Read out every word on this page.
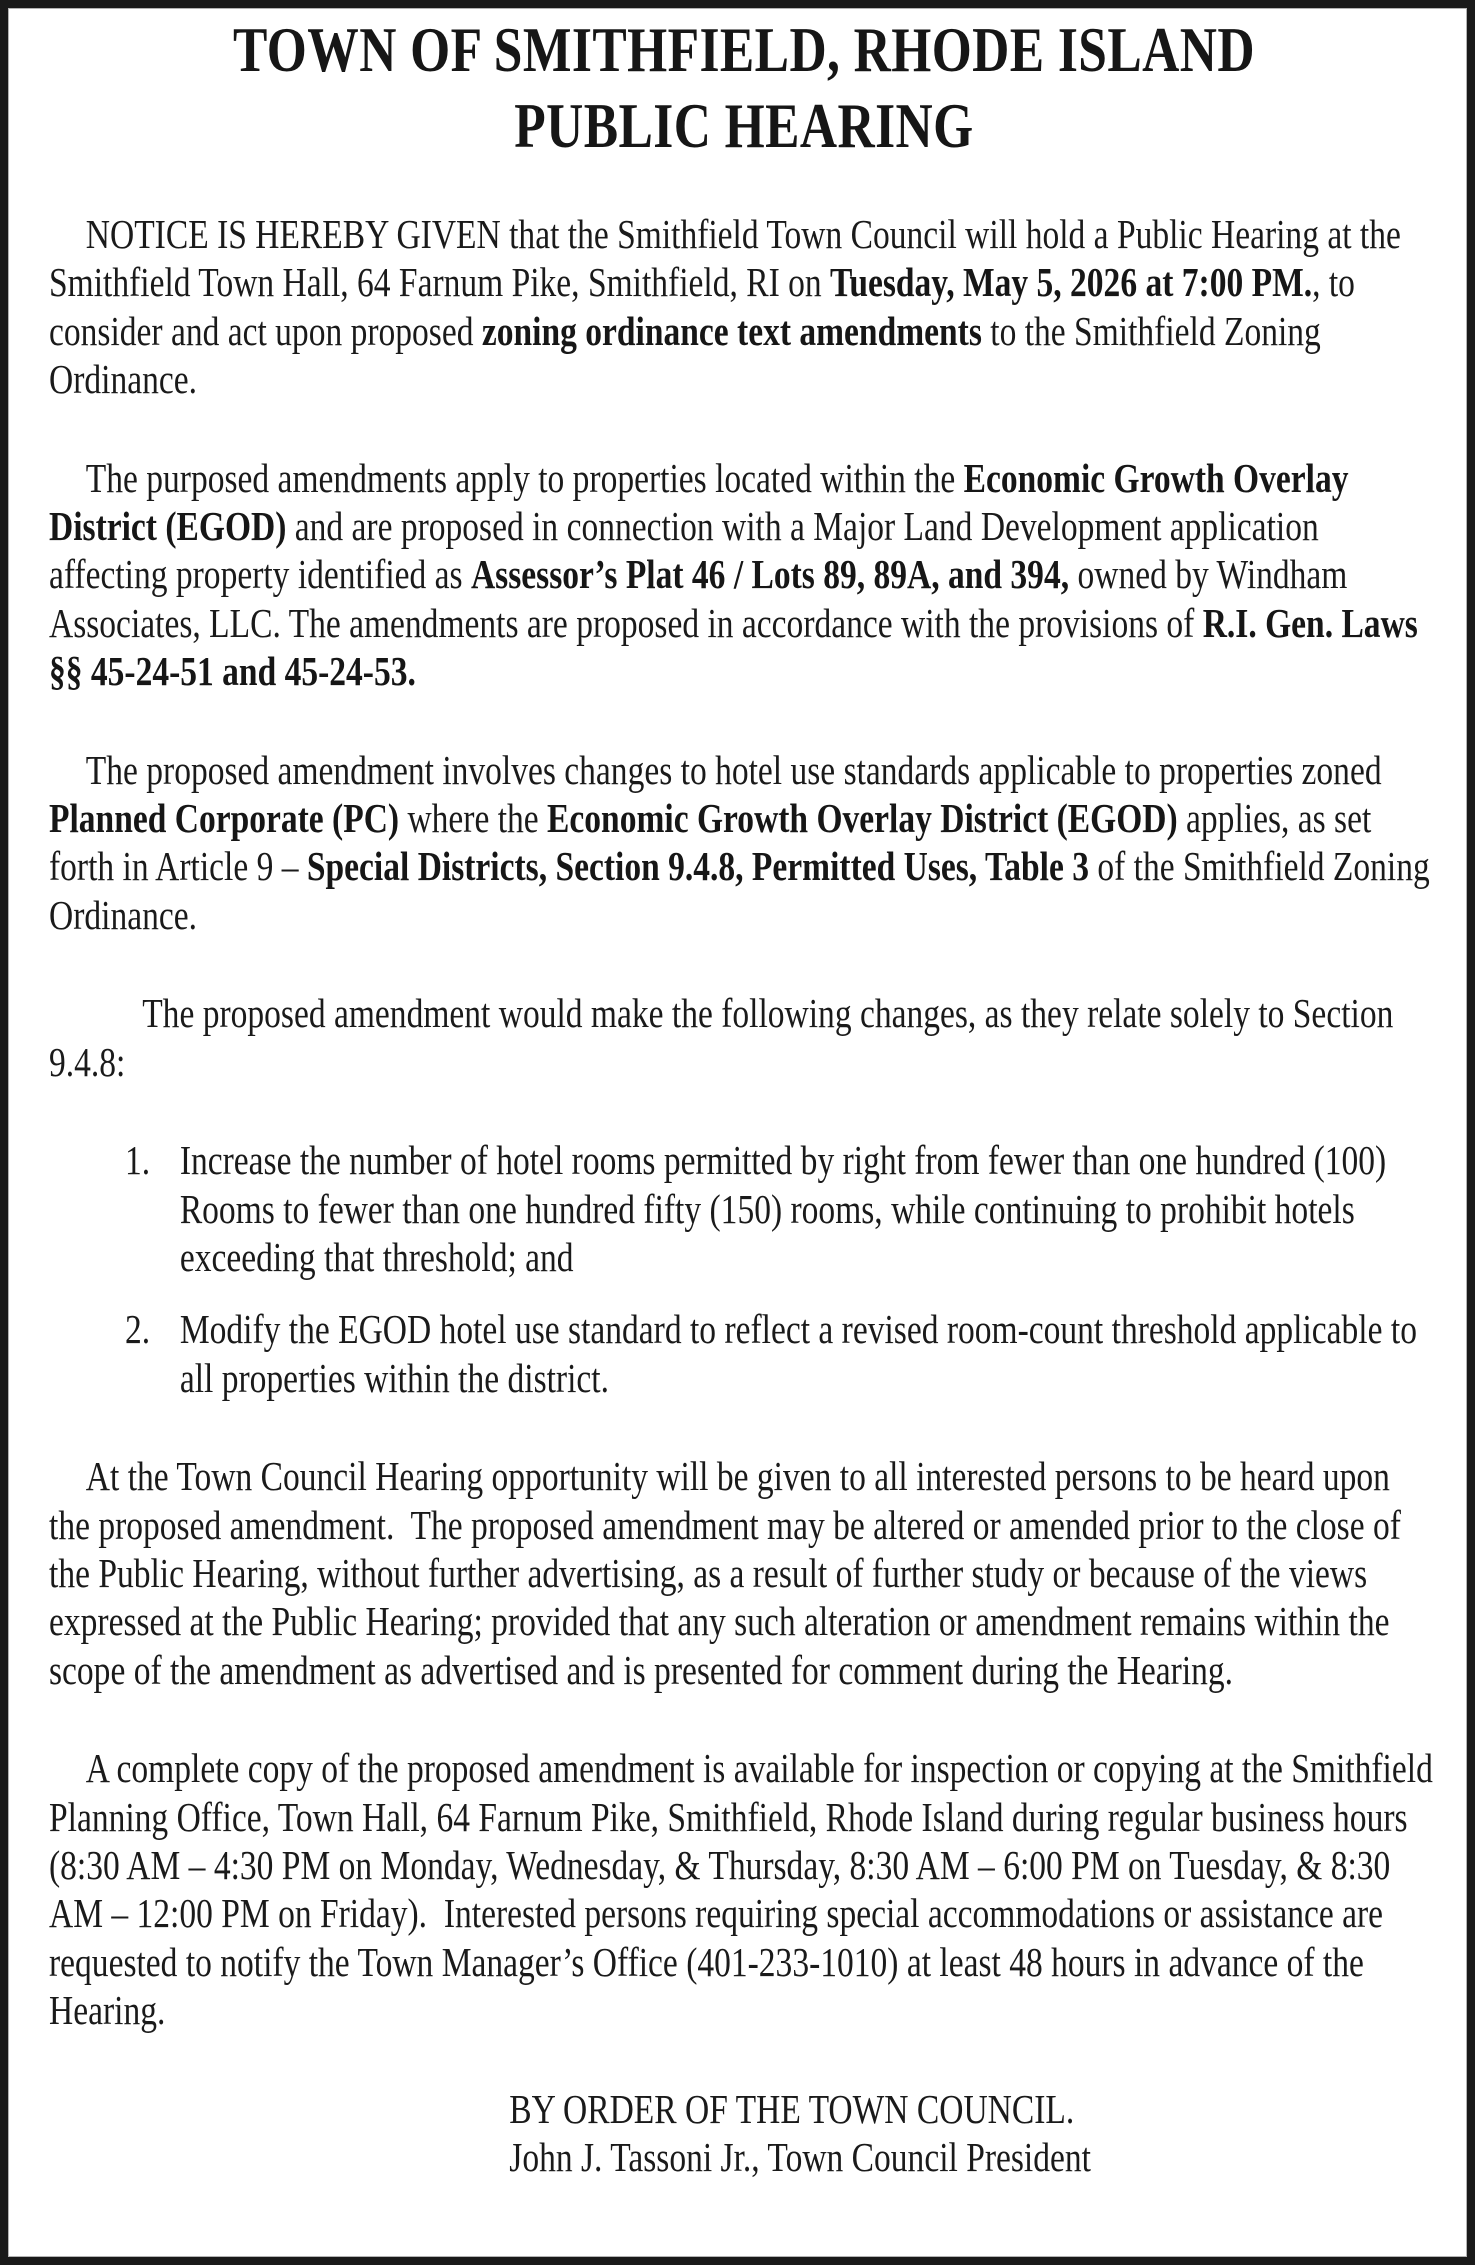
TOWN OF SMITHFIELD, RHODE ISLAND
PUBLIC HEARING

NOTICE IS HEREBY GIVEN that the Smithfield Town Council will hold a Public Hearing at the Smithfield Town Hall, 64 Farnum Pike, Smithfield, RI on Tuesday, May 5, 2026 at 7:00 PM., to consider and act upon proposed zoning ordinance text amendments to the Smithfield Zoning Ordinance.

The purposed amendments apply to properties located within the Economic Growth Overlay District (EGOD) and are proposed in connection with a Major Land Development application affecting property identified as Assessor’s Plat 46 / Lots 89, 89A, and 394, owned by Windham Associates, LLC. The amendments are proposed in accordance with the provisions of R.I. Gen. Laws §§ 45-24-51 and 45-24-53.

The proposed amendment involves changes to hotel use standards applicable to properties zoned Planned Corporate (PC) where the Economic Growth Overlay District (EGOD) applies, as set forth in Article 9 – Special Districts, Section 9.4.8, Permitted Uses, Table 3 of the Smithfield Zoning Ordinance.

The proposed amendment would make the following changes, as they relate solely to Section 9.4.8:

1. Increase the number of hotel rooms permitted by right from fewer than one hundred (100) Rooms to fewer than one hundred fifty (150) rooms, while continuing to prohibit hotels exceeding that threshold; and
2. Modify the EGOD hotel use standard to reflect a revised room-count threshold applicable to all properties within the district.

At the Town Council Hearing opportunity will be given to all interested persons to be heard upon the proposed amendment.  The proposed amendment may be altered or amended prior to the close of the Public Hearing, without further advertising, as a result of further study or because of the views expressed at the Public Hearing; provided that any such alteration or amendment remains within the scope of the amendment as advertised and is presented for comment during the Hearing.

A complete copy of the proposed amendment is available for inspection or copying at the Smithfield Planning Office, Town Hall, 64 Farnum Pike, Smithfield, Rhode Island during regular business hours (8:30 AM – 4:30 PM on Monday, Wednesday, & Thursday, 8:30 AM – 6:00 PM on Tuesday, & 8:30 AM – 12:00 PM on Friday).  Interested persons requiring special accommodations or assistance are requested to notify the Town Manager’s Office (401-233-1010) at least 48 hours in advance of the Hearing.

BY ORDER OF THE TOWN COUNCIL.
John J. Tassoni Jr., Town Council President
